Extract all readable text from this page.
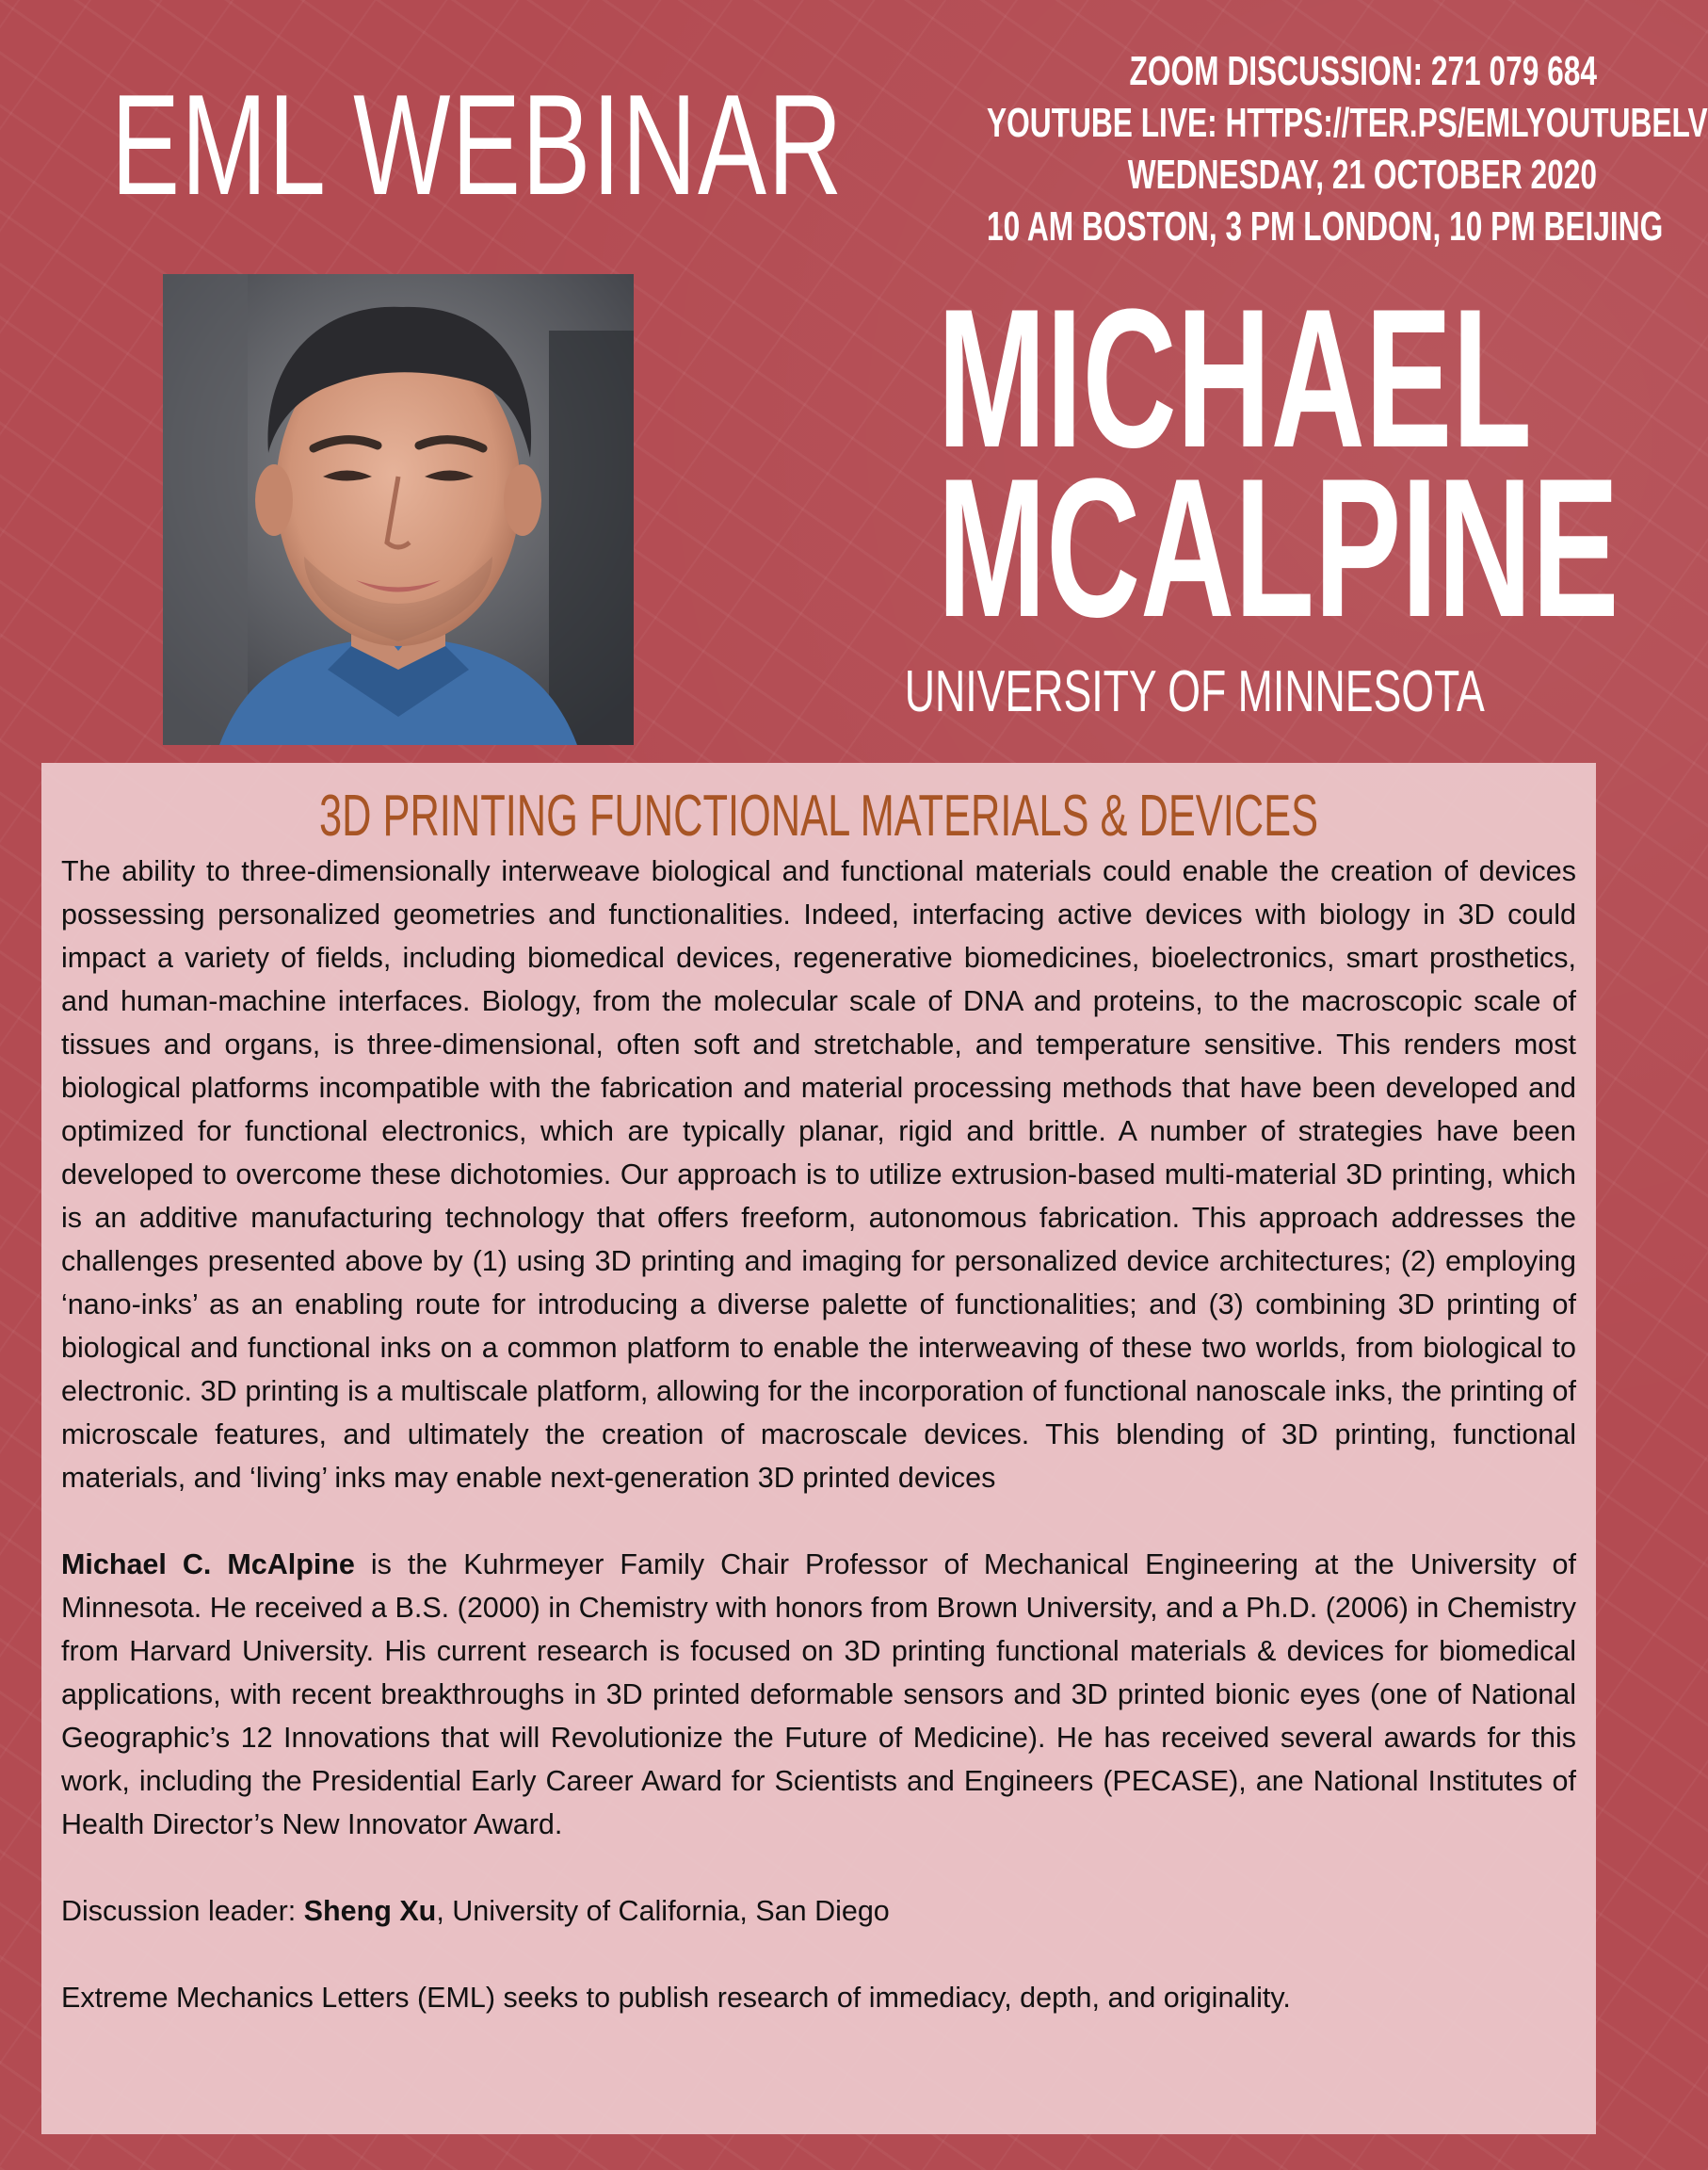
EML WEBINAR	ZOOM DISCUSSION: 271 079 684
YOUTUBE LIVE: HTTPS://TER.PS/EMLYOUTUBELV
WEDNESDAY, 21 OCTOBER 2020
10 AM BOSTON, 3 PM LONDON, 10 PM BEIJING
MICHAEL
MCALPINE
UNIVERSITY OF MINNESOTA
3D PRINTING FUNCTIONAL MATERIALS & DEVICES

The ability to three-dimensionally interweave biological and functional materials could enable the creation of devices possessing personalized geometries and functionalities. Indeed, interfacing active devices with biology in 3D could impact a variety of fields, including biomedical devices, regenerative biomedicines, bioelectronics, smart prosthetics, and human-machine interfaces. Biology, from the molecular scale of DNA and proteins, to the macroscopic scale of tissues and organs, is three-dimensional, often soft and stretchable, and temperature sensitive. This renders most biological platforms incompatible with the fabrication and material processing methods that have been developed and optimized for functional electronics, which are typically planar, rigid and brittle. A number of strategies have been developed to overcome these dichotomies. Our approach is to utilize extrusion-based multi-material 3D printing, which is an additive manufacturing technology that offers freeform, autonomous fabrication. This approach addresses the challenges presented above by (1) using 3D printing and imaging for personalized device architectures; (2) employing ‘nano-inks’ as an enabling route for introducing a diverse palette of functionalities; and (3) combining 3D printing of biological and functional inks on a common platform to enable the interweaving of these two worlds, from biological to electronic. 3D printing is a multiscale platform, allowing for the incorporation of functional nanoscale inks, the printing of microscale features, and ultimately the creation of macroscale devices. This blending of 3D printing, functional materials, and ‘living’ inks may enable next-generation 3D printed devices

Michael C. McAlpine is the Kuhrmeyer Family Chair Professor of Mechanical Engineering at the University of Minnesota. He received a B.S. (2000) in Chemistry with honors from Brown University, and a Ph.D. (2006) in Chemistry from Harvard University. His current research is focused on 3D printing functional materials & devices for biomedical applications, with recent breakthroughs in 3D printed deformable sensors and 3D printed bionic eyes (one of National Geographic’s 12 Innovations that will Revolutionize the Future of Medicine). He has received several awards for this work, including the Presidential Early Career Award for Scientists and Engineers (PECASE), ane National Institutes of Health Director’s New Innovator Award.

Discussion leader: Sheng Xu, University of California, San Diego

Extreme Mechanics Letters (EML) seeks to publish research of immediacy, depth, and originality.
